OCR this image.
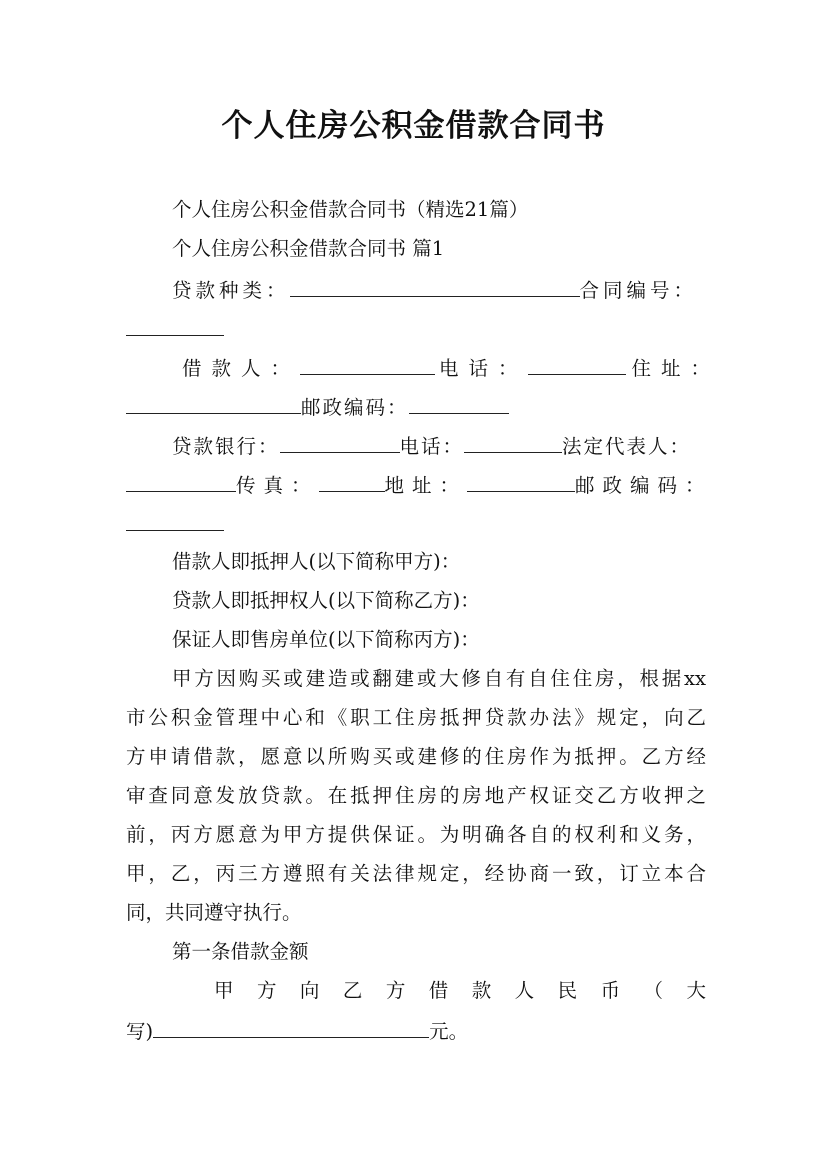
个人住房公积金借款合同书
个人住房公积金借款合同书（精选21篇）
个人住房公积金借款合同书 篇1
贷款种类：	合同编号：
借款人：	电话：	住址：
邮政编码：
贷款银行：	电话：	法定代表人：
传真：	地址：	邮政编码：
借款人即抵押人(以下简称甲方)：
贷款人即抵押权人(以下简称乙方)：
保证人即售房单位(以下简称丙方)：
甲方因购买或建造或翻建或大修自有自住住房，根据xx
市公积金管理中心和《职工住房抵押贷款办法》规定，向乙
方申请借款，愿意以所购买或建修的住房作为抵押。乙方经
审查同意发放贷款。在抵押住房的房地产权证交乙方收押之
前，丙方愿意为甲方提供保证。为明确各自的权利和义务，
甲，乙，丙三方遵照有关法律规定，经协商一致，订立本合
同，共同遵守执行。
第一条借款金额
甲方向乙方借款人民币（大
写)	元。
